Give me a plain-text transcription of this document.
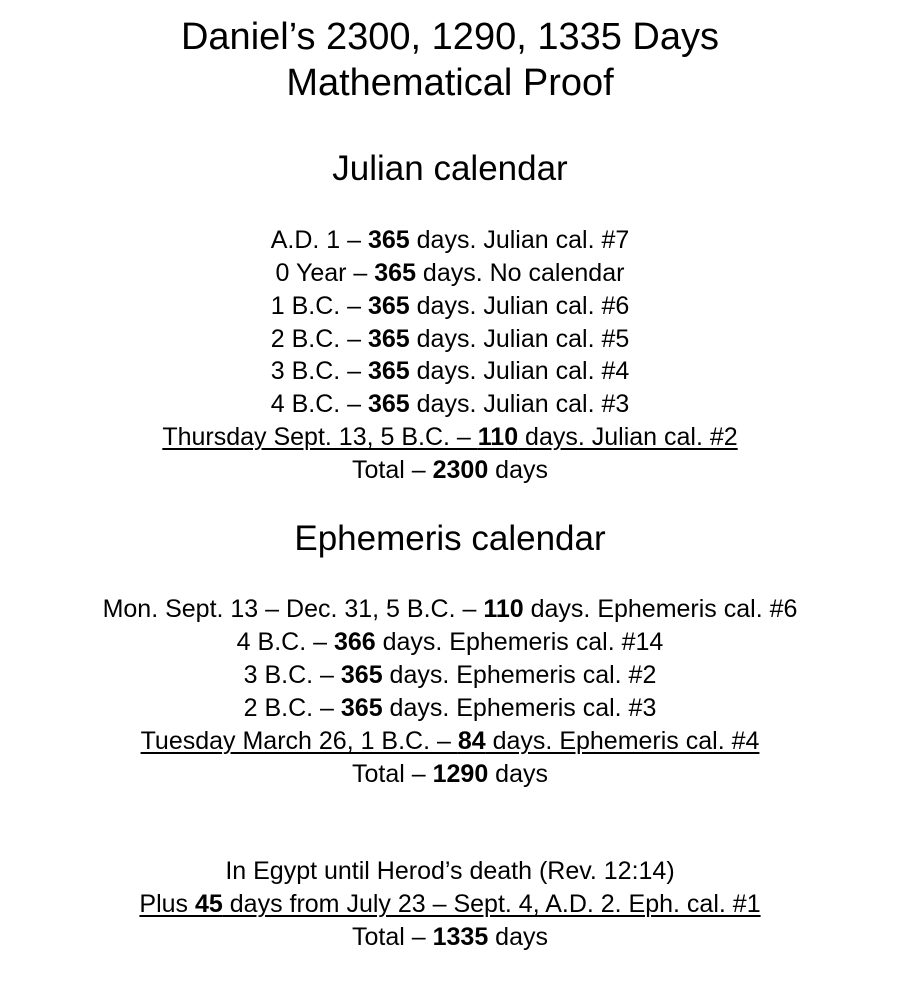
Daniel’s 2300, 1290, 1335 Days
Mathematical Proof
Julian calendar
A.D. 1 – 365 days. Julian cal. #7
0 Year – 365 days. No calendar
1 B.C. – 365 days. Julian cal. #6
2 B.C. – 365 days. Julian cal. #5
3 B.C. – 365 days. Julian cal. #4
4 B.C. – 365 days. Julian cal. #3
Thursday Sept. 13, 5 B.C. – 110 days. Julian cal. #2
Total – 2300 days
Ephemeris calendar
Mon. Sept. 13 – Dec. 31, 5 B.C. – 110 days. Ephemeris cal. #6
4 B.C. – 366 days. Ephemeris cal. #14
3 B.C. – 365 days. Ephemeris cal. #2
2 B.C. – 365 days. Ephemeris cal. #3
Tuesday March 26, 1 B.C. – 84 days. Ephemeris cal. #4
Total – 1290 days
In Egypt until Herod’s death (Rev. 12:14)
Plus 45 days from July 23 – Sept. 4, A.D. 2. Eph. cal. #1
Total – 1335 days
